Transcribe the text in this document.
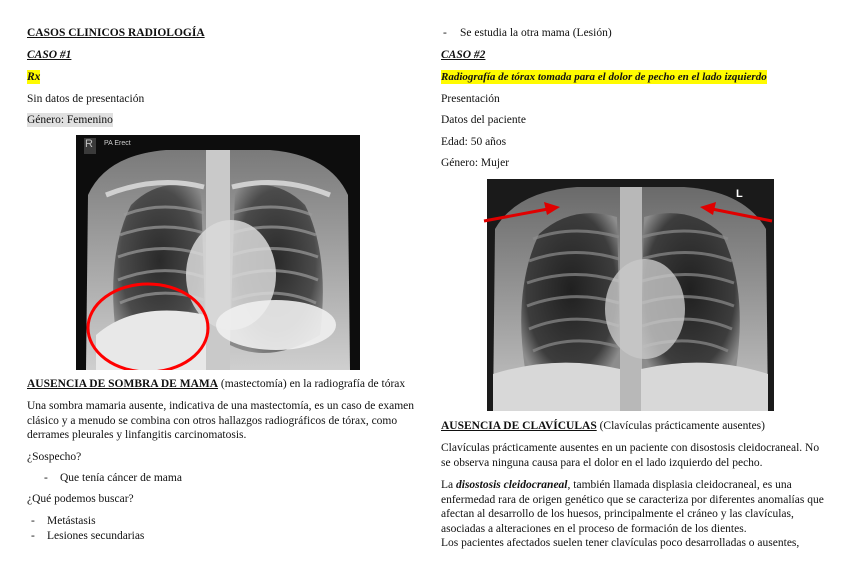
CASOS CLINICOS RADIOLOGÍA
CASO #1
Rx
Sin datos de presentación
Género: Femenino
R PA Erect
AUSENCIA DE SOMBRA DE MAMA (mastectomía) en la radiografía de tórax
Una sombra mamaria ausente, indicativa de una mastectomía, es un caso de examen clásico y a menudo se combina con otros hallazgos radiográficos de tórax, como derrames pleurales y linfangitis carcinomatosis.
¿Sospecho?
- Que tenía cáncer de mama
¿Qué podemos buscar?
- Metástasis
- Lesiones secundarias
- Se estudia la otra mama (Lesión)
CASO #2
Radiografía de tórax tomada para el dolor de pecho en el lado izquierdo
Presentación
Datos del paciente
Edad: 50 años
Género: Mujer
L
AUSENCIA DE CLAVÍCULAS (Clavículas prácticamente ausentes)
Clavículas prácticamente ausentes en un paciente con disostosis cleidocraneal. No se observa ninguna causa para el dolor en el lado izquierdo del pecho.
La disostosis cleidocraneal, también llamada displasia cleidocraneal, es una enfermedad rara de origen genético que se caracteriza por diferentes anomalías que afectan al desarrollo de los huesos, principalmente el cráneo y las clavículas, asociadas a alteraciones en el proceso de formación de los dientes.
Los pacientes afectados suelen tener clavículas poco desarrolladas o ausentes,
